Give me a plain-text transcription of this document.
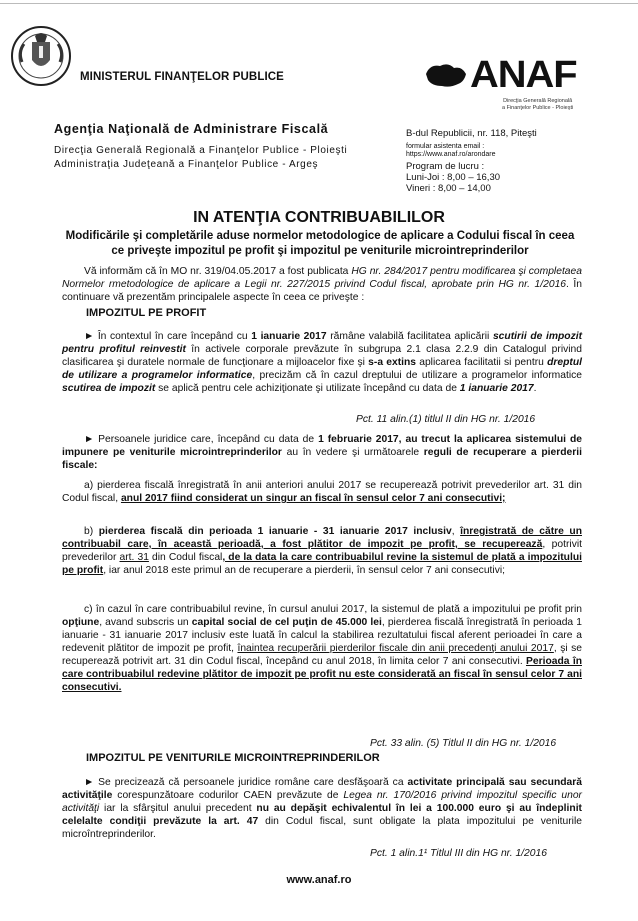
MINISTERUL FINANŢELOR PUBLICE	ANAF
Direcţia Generală Regională
a Finanţelor Publice - Ploieşti
Agenţia Naţională de Administrare Fiscală
Direcţia Generală Regională a Finanţelor Publice - Ploieşti
Administraţia Judeţeană a Finanţelor Publice - Argeş
B-dul Republicii, nr. 118, Piteşti
formular asistenta email :
https://www.anaf.ro/arondare
Program de lucru :
Luni-Joi : 8,00 – 16,30
Vineri : 8,00 – 14,00
IN ATENŢIA CONTRIBUABILILOR
Modificările şi completările aduse normelor metodologice de aplicare a Codului fiscal în ceea ce priveşte impozitul pe profit şi impozitul pe veniturile microintreprinderilor
Vă informăm că în MO nr. 319/04.05.2017 a fost publicata HG nr. 284/2017 pentru modificarea şi completaea Normelor rmetodologice de aplicare a Legii nr. 227/2015 privind Codul fiscal, aprobate prin HG nr. 1/2016. În continuare vă prezentăm principalele aspecte în ceea ce priveşte :
IMPOZITUL PE PROFIT
► În contextul în care începând cu 1 ianuarie 2017 rămâne valabilă facilitatea aplicării scutirii de impozit pentru profitul reinvestit în activele corporale prevăzute în subgrupa 2.1 clasa 2.2.9 din Catalogul privind clasificarea şi duratele normale de funcţionare a mijloacelor fixe şi s-a extins aplicarea facilitatii si pentru dreptul de utilizare a programelor informatice, precizăm că în cazul dreptului de utilizare a programelor informatice scutirea de impozit se aplică pentru cele achiziţionate şi utilizate începând cu data de 1 ianuarie 2017.
Pct. 11 alin.(1) titlul II din HG nr. 1/2016
► Persoanele juridice care, începând cu data de 1 februarie 2017, au trecut la aplicarea sistemului de impunere pe veniturile microintreprinderilor au în vedere şi următoarele reguli de recuperare a pierderii fiscale:
a) pierderea fiscală înregistrată în anii anteriori anului 2017 se recuperează potrivit prevederilor art. 31 din Codul fiscal, anul 2017 fiind considerat un singur an fiscal în sensul celor 7 ani consecutivi;
b) pierderea fiscală din perioada 1 ianuarie - 31 ianuarie 2017 inclusiv, înregistrată de către un contribuabil care, în această perioadă, a fost plătitor de impozit pe profit, se recuperează, potrivit prevederilor art. 31 din Codul fiscal, de la data la care contribuabilul revine la sistemul de plată a impozitului pe profit, iar anul 2018 este primul an de recuperare a pierderii, în sensul celor 7 ani consecutivi;
c) în cazul în care contribuabilul revine, în cursul anului 2017, la sistemul de plată a impozitului pe profit prin opţiune, avand subscris un capital social de cel puţin de 45.000 lei, pierderea fiscală înregistrată în perioada 1 ianuarie - 31 ianuarie 2017 inclusiv este luată în calcul la stabilirea rezultatului fiscal aferent perioadei în care a redevenit plătitor de impozit pe profit, înaintea recuperării pierderilor fiscale din anii precedenţi anului 2017, şi se recuperează potrivit art. 31 din Codul fiscal, începând cu anul 2018, în limita celor 7 ani consecutivi. Perioada în care contribuabilul redevine plătitor de impozit pe profit nu este considerată an fiscal în sensul celor 7 ani consecutivi.
Pct. 33 alin. (5) Titlul II din HG nr. 1/2016
IMPOZITUL PE VENITURILE MICROINTREPRINDERILOR
► Se precizează că persoanele juridice române care desfăşoară ca activitate principală sau secundară activităţile corespunzătoare codurilor CAEN prevăzute de Legea nr. 170/2016 privind impozitul specific unor activităţi iar la sfârşitul anului precedent nu au depăşit echivalentul în lei a 100.000 euro şi au îndeplinit celelalte condiţii prevăzute la art. 47 din Codul fiscal, sunt obligate la plata impozitului pe veniturile microîntreprinderilor.
Pct. 1 alin.1¹ Titlul III din HG nr. 1/2016
www.anaf.ro
